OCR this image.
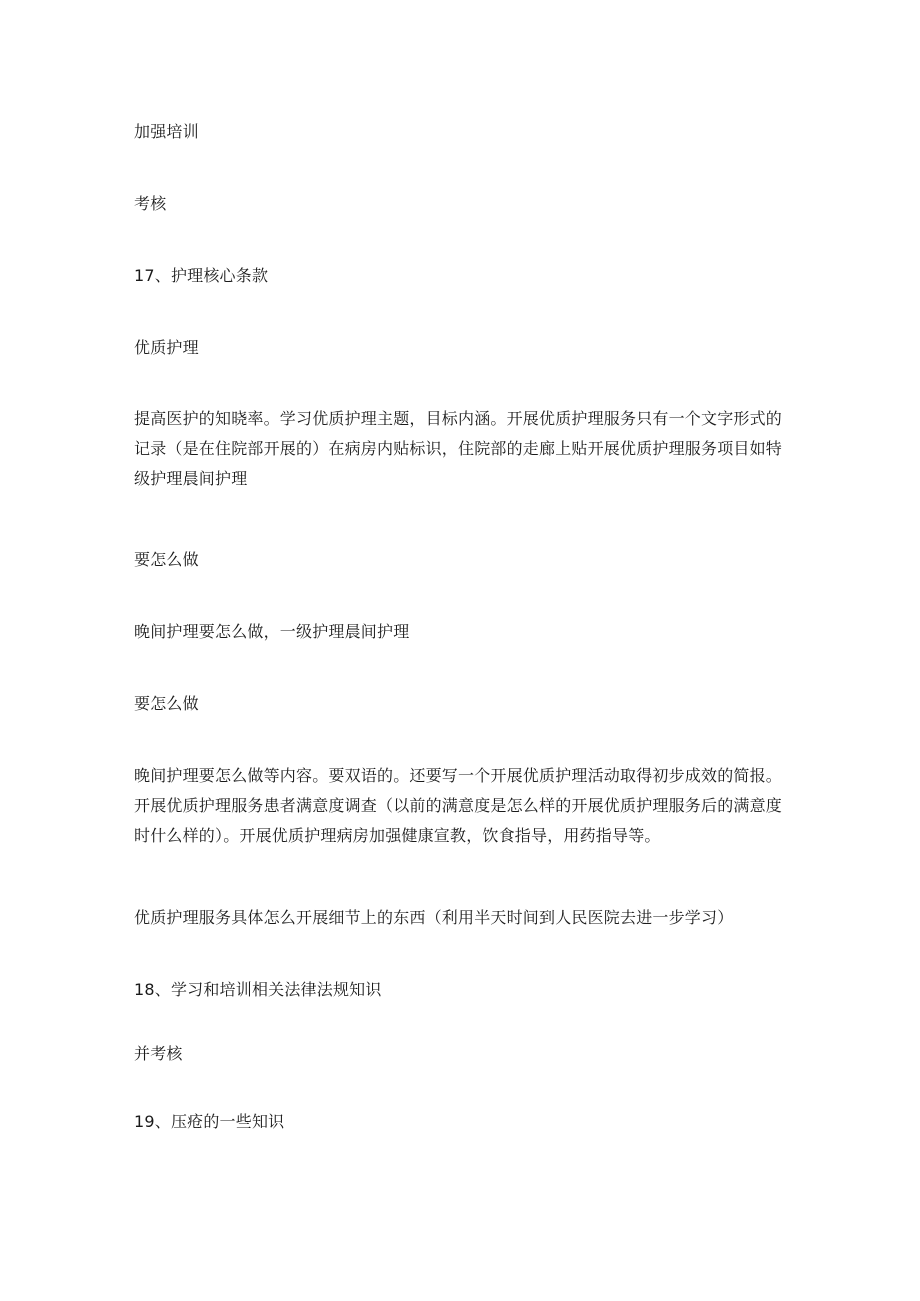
加强培训

考核

17、护理核心条款

优质护理

提高医护的知晓率。学习优质护理主题，目标内涵。开展优质护理服务只有一个文字形式的记录（是在住院部开展的）在病房内贴标识，住院部的走廊上贴开展优质护理服务项目如特级护理晨间护理

要怎么做

晚间护理要怎么做，一级护理晨间护理

要怎么做

晚间护理要怎么做等内容。要双语的。还要写一个开展优质护理活动取得初步成效的简报。开展优质护理服务患者满意度调查（以前的满意度是怎么样的开展优质护理服务后的满意度时什么样的）。开展优质护理病房加强健康宣教，饮食指导，用药指导等。

优质护理服务具体怎么开展细节上的东西（利用半天时间到人民医院去进一步学习）

18、学习和培训相关法律法规知识

并考核

19、压疮的一些知识
